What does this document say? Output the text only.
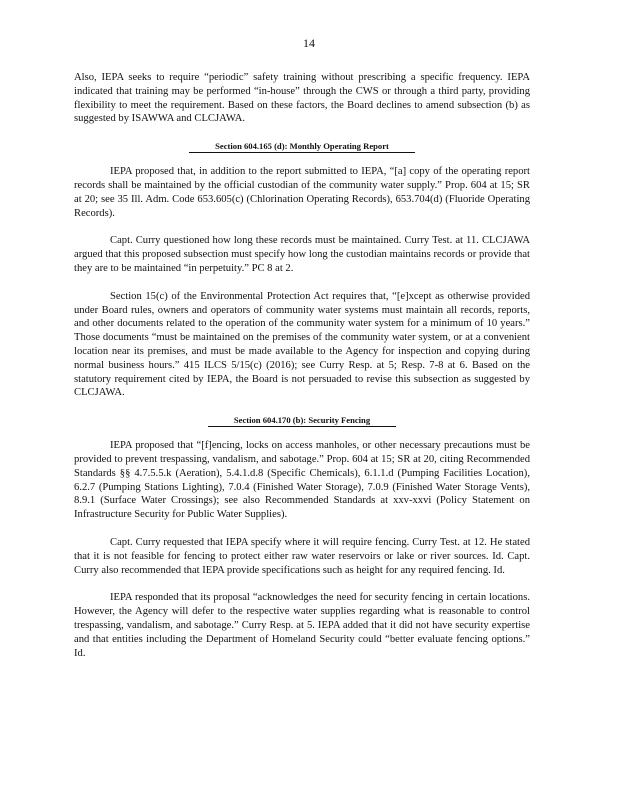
14

Also, IEPA seeks to require “periodic” safety training without prescribing a specific frequency. IEPA indicated that training may be performed “in-house” through the CWS or through a third party, providing flexibility to meet the requirement. Based on these factors, the Board declines to amend subsection (b) as suggested by ISAWWA and CLCJAWA.

Section 604.165 (d): Monthly Operating Report

IEPA proposed that, in addition to the report submitted to IEPA, “[a] copy of the operating report records shall be maintained by the official custodian of the community water supply.” Prop. 604 at 15; SR at 20; see 35 Ill. Adm. Code 653.605(c) (Chlorination Operating Records), 653.704(d) (Fluoride Operating Records).

Capt. Curry questioned how long these records must be maintained. Curry Test. at 11. CLCJAWA argued that this proposed subsection must specify how long the custodian maintains records or provide that they are to be maintained “in perpetuity.” PC 8 at 2.

Section 15(c) of the Environmental Protection Act requires that, “[e]xcept as otherwise provided under Board rules, owners and operators of community water systems must maintain all records, reports, and other documents related to the operation of the community water system for a minimum of 10 years.” Those documents “must be maintained on the premises of the community water system, or at a convenient location near its premises, and must be made available to the Agency for inspection and copying during normal business hours.” 415 ILCS 5/15(c) (2016); see Curry Resp. at 5; Resp. 7-8 at 6. Based on the statutory requirement cited by IEPA, the Board is not persuaded to revise this subsection as suggested by CLCJAWA.

Section 604.170 (b): Security Fencing

IEPA proposed that “[f]encing, locks on access manholes, or other necessary precautions must be provided to prevent trespassing, vandalism, and sabotage.” Prop. 604 at 15; SR at 20, citing Recommended Standards §§ 4.7.5.5.k (Aeration), 5.4.1.d.8 (Specific Chemicals), 6.1.1.d (Pumping Facilities Location), 6.2.7 (Pumping Stations Lighting), 7.0.4 (Finished Water Storage), 7.0.9 (Finished Water Storage Vents), 8.9.1 (Surface Water Crossings); see also Recommended Standards at xxv-xxvi (Policy Statement on Infrastructure Security for Public Water Supplies).

Capt. Curry requested that IEPA specify where it will require fencing. Curry Test. at 12. He stated that it is not feasible for fencing to protect either raw water reservoirs or lake or river sources. Id. Capt. Curry also recommended that IEPA provide specifications such as height for any required fencing. Id.

IEPA responded that its proposal “acknowledges the need for security fencing in certain locations. However, the Agency will defer to the respective water supplies regarding what is reasonable to control trespassing, vandalism, and sabotage.” Curry Resp. at 5. IEPA added that it did not have security expertise and that entities including the Department of Homeland Security could “better evaluate fencing options.” Id.
